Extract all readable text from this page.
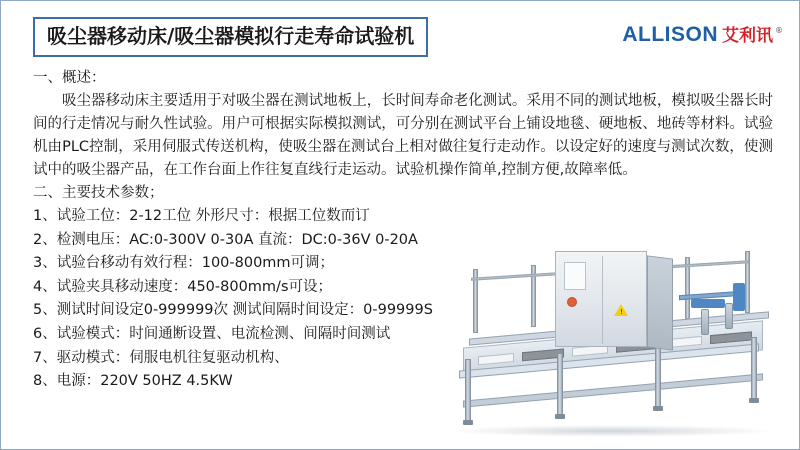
吸尘器移动床/吸尘器模拟行走寿命试验机	ALLISON 艾利讯 ®
一、概述：
吸尘器移动床主要适用于对吸尘器在测试地板上，长时间寿命老化测试。采用不同的测试地板，模拟吸尘器长时间的行走情况与耐久性试验。用户可根据实际模拟测试，可分别在测试平台上铺设地毯、硬地板、地砖等材料。试验机由PLC控制，采用伺服式传送机构，使吸尘器在测试台上相对做往复行走动作。以设定好的速度与测试次数，使测试中的吸尘器产品，在工作台面上作往复直线行走运动。试验机操作简单,控制方便,故障率低。
二、主要技术参数；
1、试验工位：2-12工位 外形尺寸：根据工位数而订
2、检测电压：AC:0-300V 0-30A 直流：DC:0-36V 0-20A
3、试验台移动有效行程：100-800mm可调；
4、试验夹具移动速度：450-800mm/s可设；
5、测试时间设定0-999999次 测试间隔时间设定：0-99999S
6、试验模式：时间通断设置、电流检测、间隔时间测试
7、驱动模式：伺服电机往复驱动机构、
8、电源：220V 50HZ 4.5KW
!
